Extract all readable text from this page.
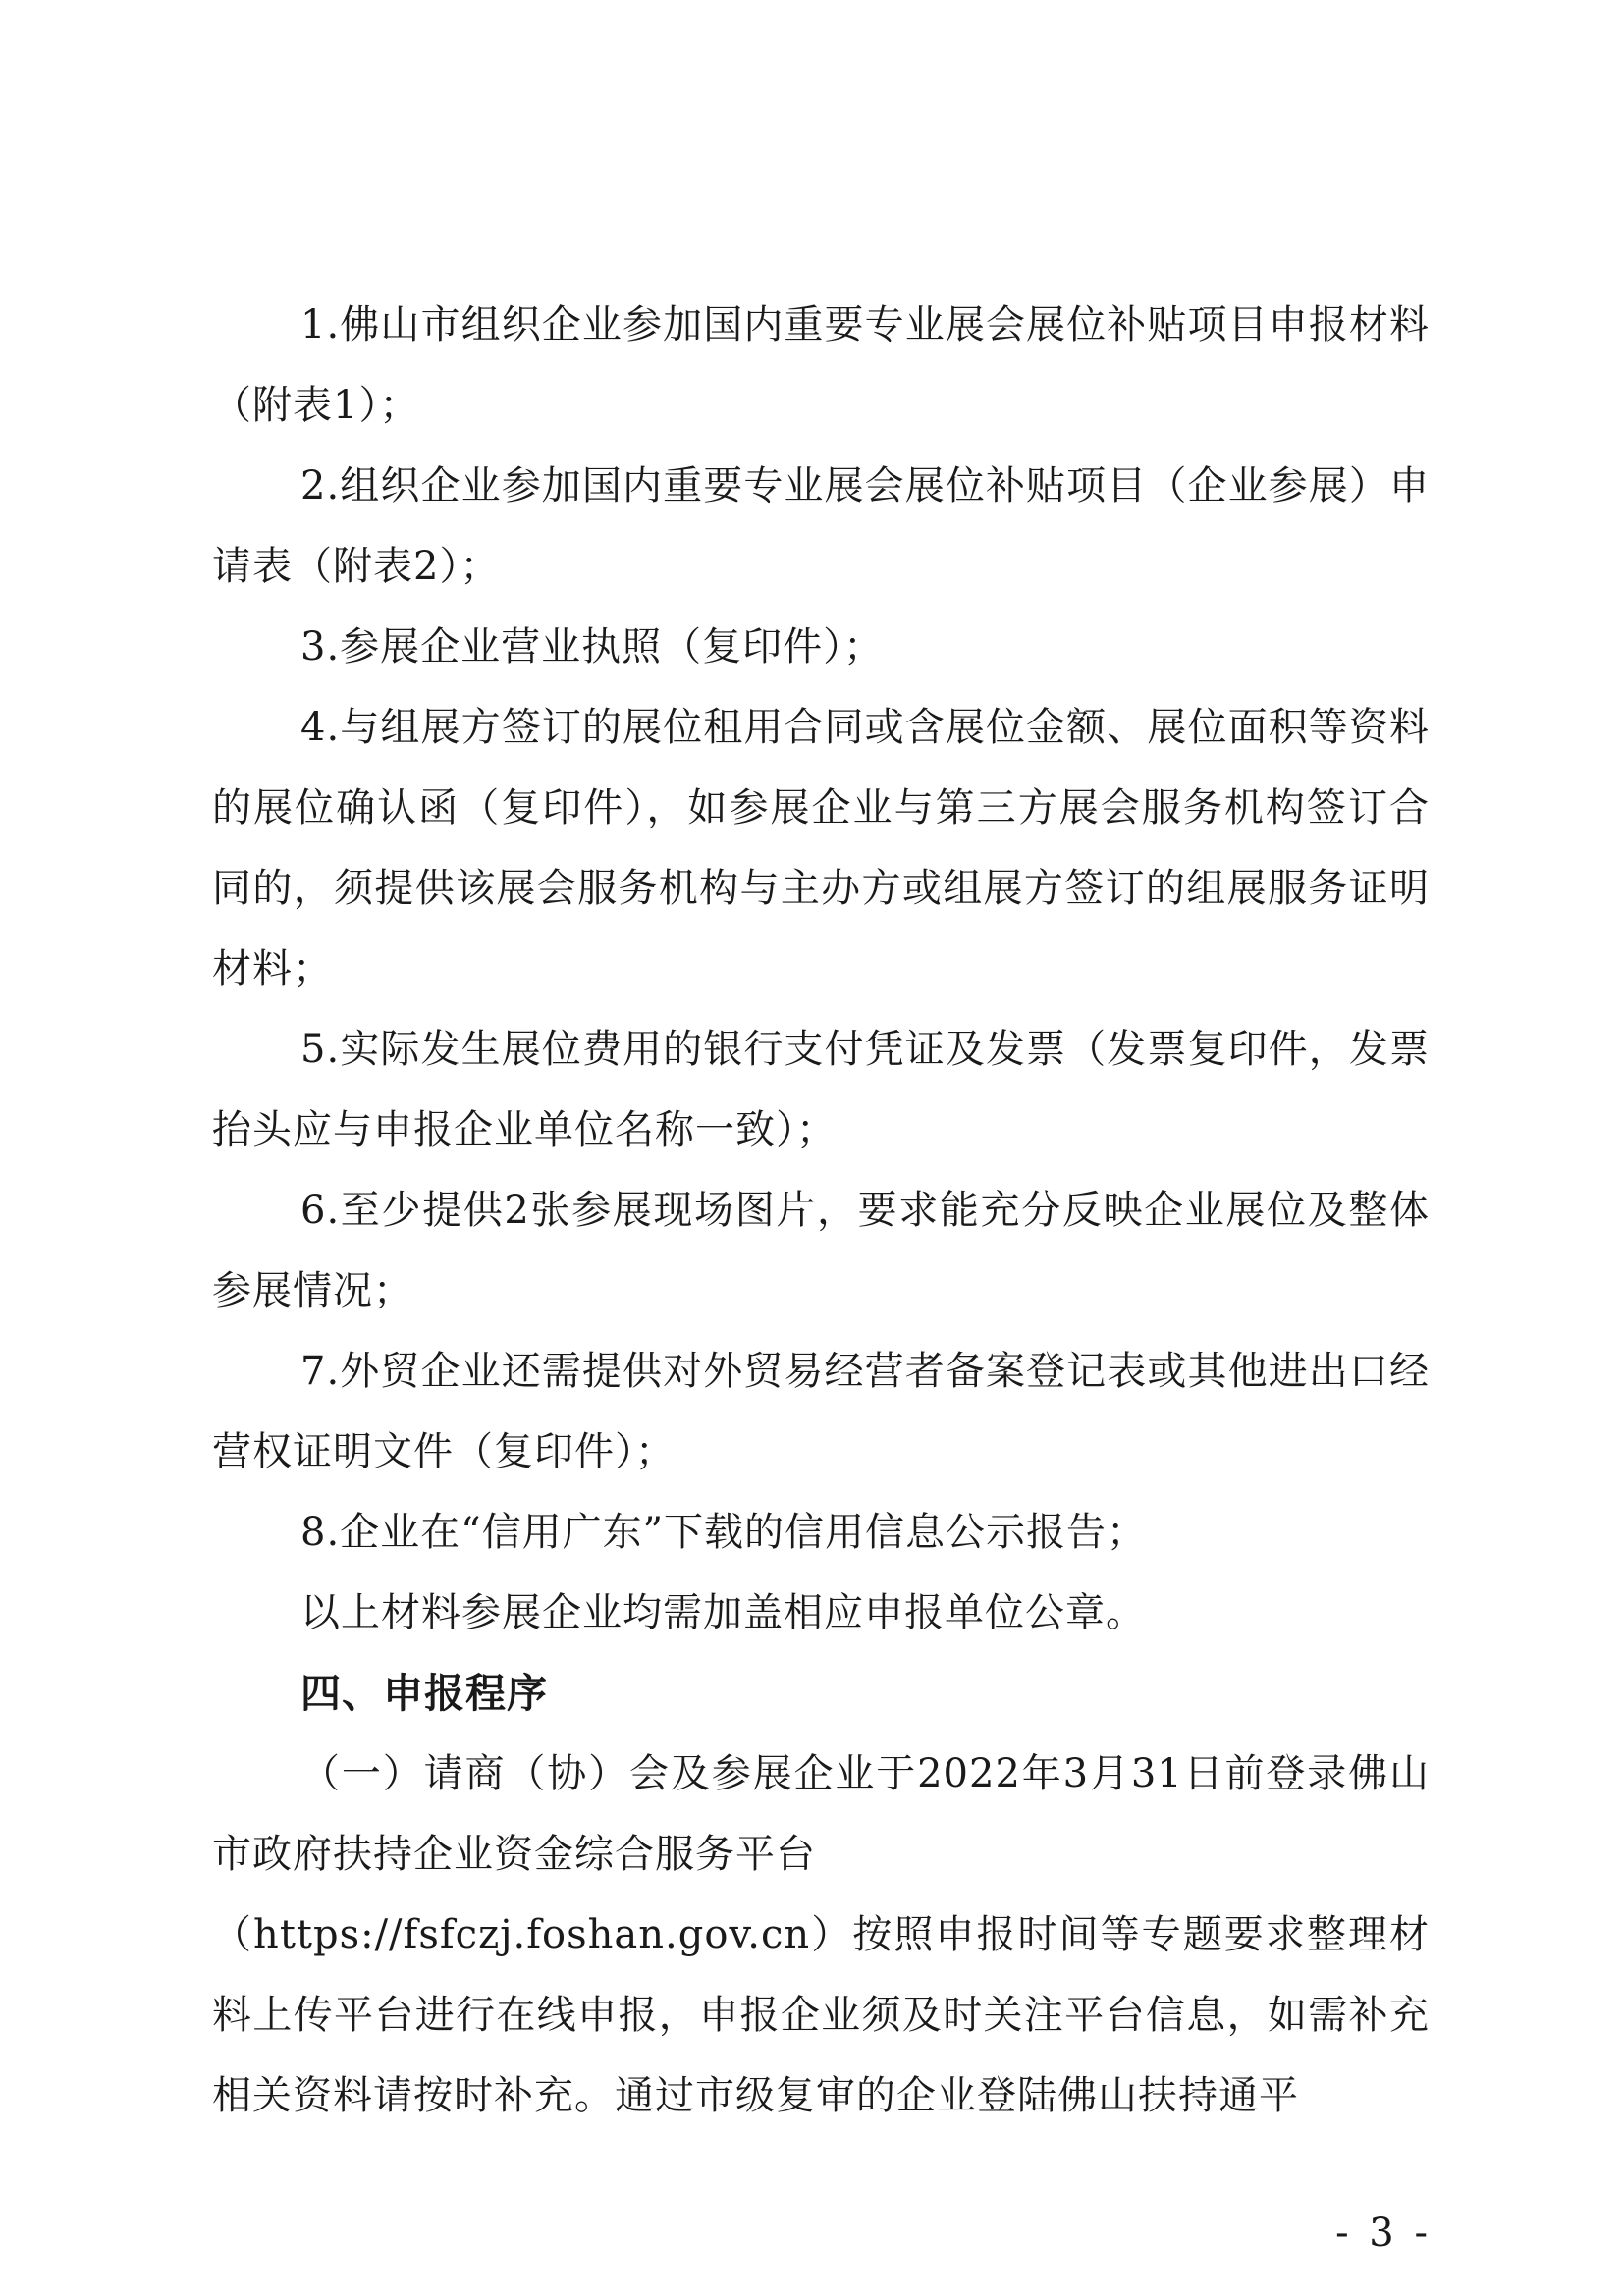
1.佛山市组织企业参加国内重要专业展会展位补贴项目申报材料（附表1）；

2.组织企业参加国内重要专业展会展位补贴项目（企业参展）申请表（附表2）；

3.参展企业营业执照（复印件）；

4.与组展方签订的展位租用合同或含展位金额、展位面积等资料的展位确认函（复印件），如参展企业与第三方展会服务机构签订合同的，须提供该展会服务机构与主办方或组展方签订的组展服务证明材料；

5.实际发生展位费用的银行支付凭证及发票（发票复印件，发票抬头应与申报企业单位名称一致）；

6.至少提供2张参展现场图片，要求能充分反映企业展位及整体参展情况；

7.外贸企业还需提供对外贸易经营者备案登记表或其他进出口经营权证明文件（复印件）；

8.企业在“信用广东”下载的信用信息公示报告；

以上材料参展企业均需加盖相应申报单位公章。

四、申报程序

（一）请商（协）会及参展企业于2022年3月31日前登录佛山市政府扶持企业资金综合服务平台

（https://fsfczj.foshan.gov.cn）按照申报时间等专题要求整理材料上传平台进行在线申报，申报企业须及时关注平台信息，如需补充相关资料请按时补充。通过市级复审的企业登陆佛山扶持通平

- 3 -
